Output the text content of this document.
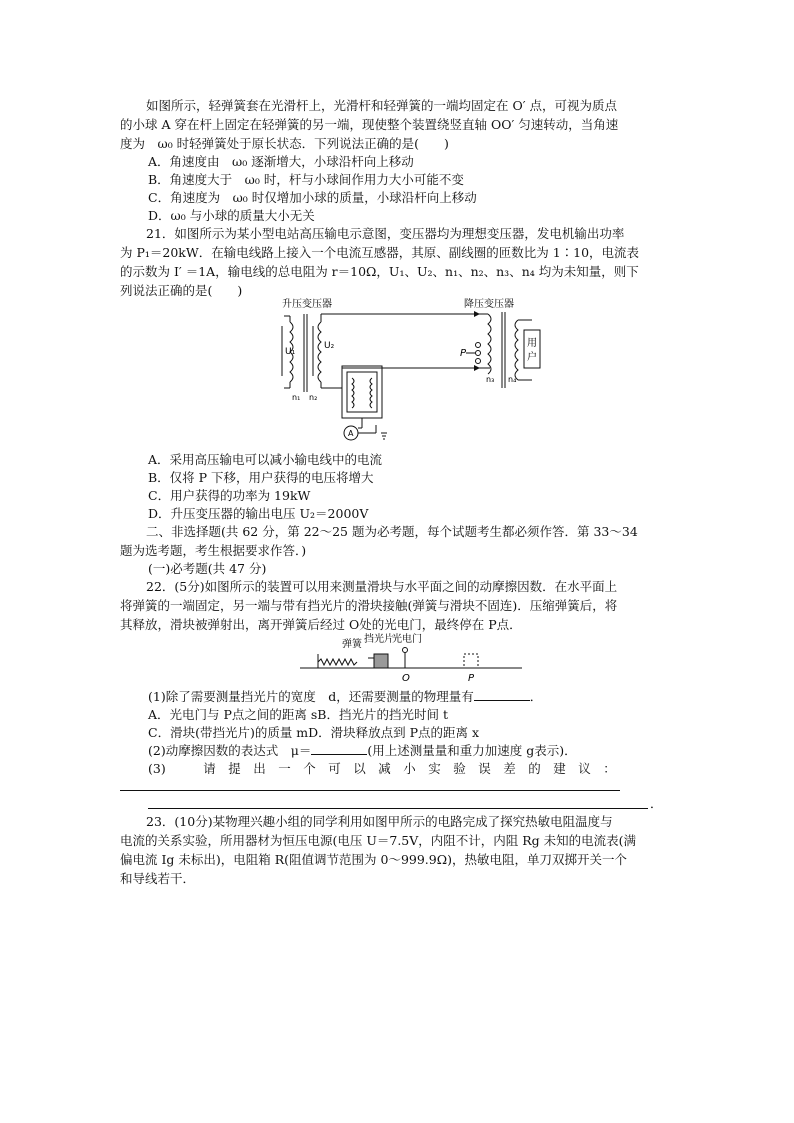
如图所示，轻弹簧套在光滑杆上，光滑杆和轻弹簧的一端均固定在 O′ 点，可视为质点
的小球 A 穿在杆上固定在轻弹簧的另一端，现使整个装置绕竖直轴 OO′ 匀速转动，当角速
度为　ω₀ 时轻弹簧处于原长状态．下列说法正确的是(　　)
A．角速度由　ω₀ 逐渐增大，小球沿杆向上移动
B．角速度大于　ω₀ 时，杆与小球间作用力大小可能不变
C．角速度为　ω₀ 时仅增加小球的质量，小球沿杆向上移动
D．ω₀ 与小球的质量大小无关
21．如图所示为某小型电站高压输电示意图，变压器均为理想变压器，发电机输出功率
为 P₁＝20kW．在输电线路上接入一个电流互感器，其原、副线圈的匝数比为 1∶10，电流表
的示数为 I′ ＝1A，输电线的总电阻为 r＝10Ω，U₁、U₂、n₁、n₂、n₃、n₄ 均为未知量，则下
列说法正确的是(　　)
升压变压器	降压变压器
U₁
U₂
n₁ n₂
n₃ n₄
P
用
户
A
A．采用高压输电可以减小输电线中的电流
B．仅将 P 下移，用户获得的电压将增大
C．用户获得的功率为 19kW
D．升压变压器的输出电压 U₂＝2000V
二、非选择题(共 62 分，第 22～25 题为必考题，每个试题考生都必须作答．第 33～34
题为选考题，考生根据要求作答．)
(一)必考题(共 47 分)
22．(5分)如图所示的装置可以用来测量滑块与水平面之间的动摩擦因数．在水平面上
将弹簧的一端固定，另一端与带有挡光片的滑块接触(弹簧与滑块不固连)．压缩弹簧后，将
其释放，滑块被弹射出，离开弹簧后经过 O处的光电门，最终停在 P点．
弹簧 挡光片
光电门
O	P
(1)除了需要测量挡光片的宽度　d，还需要测量的物理量有	．
A．光电门与 P点之间的距离 sB．挡光片的挡光时间 t
C．滑块(带挡光片)的质量 mD．滑块释放点到 P点的距离 x
(2)动摩擦因数的表达式　μ＝	(用上述测量量和重力加速度 g表示)．
(3)　　　请　提　出　一　个　可　以　减　小　实　验　误　差　的　建　议　：
．
23．(10分)某物理兴趣小组的同学利用如图甲所示的电路完成了探究热敏电阻温度与
电流的关系实验，所用器材为恒压电源(电压 U＝7.5V，内阻不计，内阻 Rg 未知的电流表(满
偏电流 Ig 未标出)，电阻箱 R(阻值调节范围为 0～999.9Ω)，热敏电阻，单刀双掷开关一个
和导线若干．
